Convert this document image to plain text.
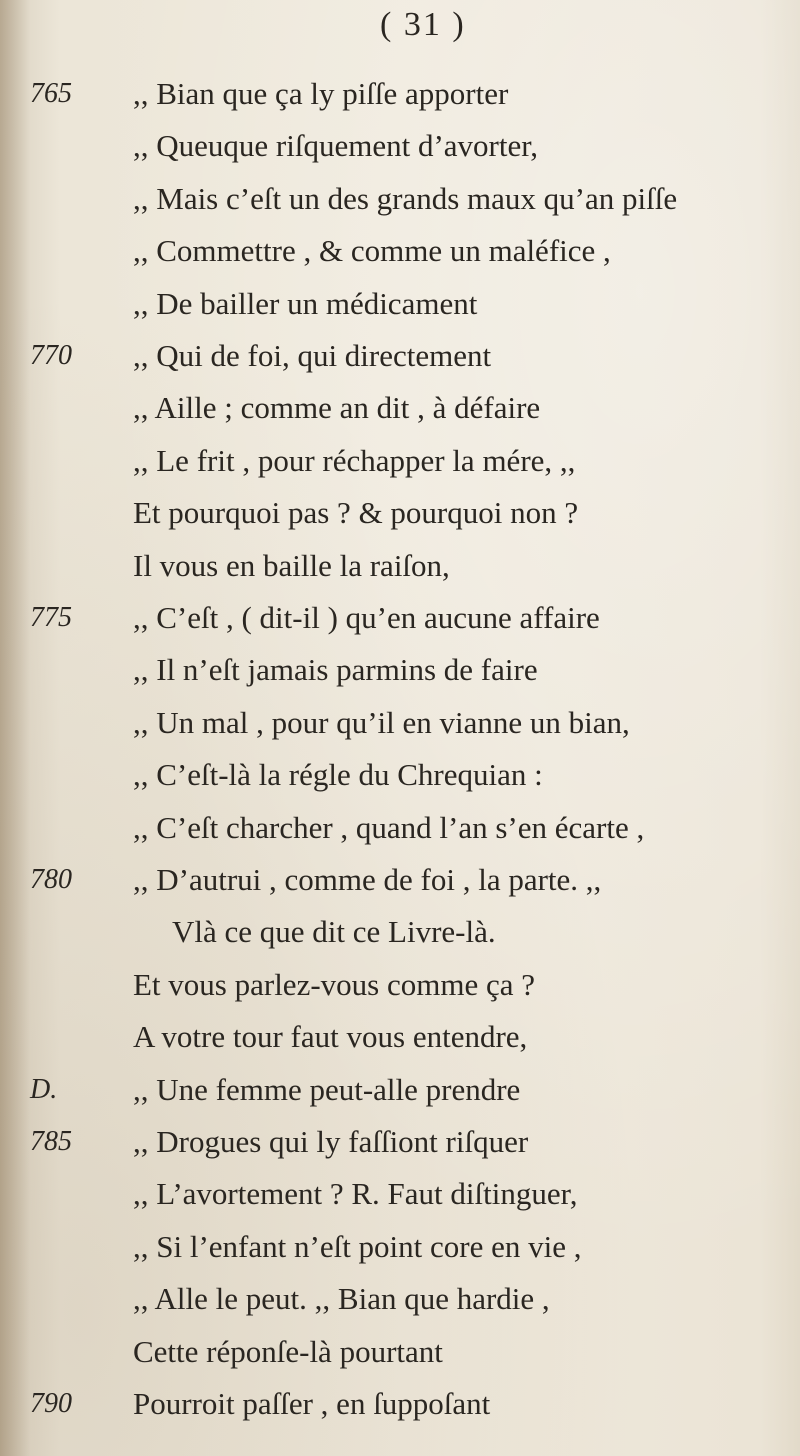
( 31 )
765 ,, Bian que ça ly piſſe apporter
,, Queuque riſquement d’avorter,
,, Mais c’eſt un des grands maux qu’an piſſe
,, Commettre , & comme un maléfice ,
,, De bailler un médicament
770 ,, Qui de foi, qui directement
,, Aille ; comme an dit , à défaire
,, Le frit , pour réchapper la mére, ,,
Et pourquoi pas ? & pourquoi non ?
Il vous en baille la raiſon,
775 ,, C’eſt , ( dit-il ) qu’en aucune affaire
,, Il n’eſt jamais parmins de faire
,, Un mal , pour qu’il en vianne un bian,
,, C’eſt-là la régle du Chrequian :
,, C’eſt charcher , quand l’an s’en écarte ,
780 ,, D’autrui , comme de foi , la parte. ,,
Vlà ce que dit ce Livre-là.
Et vous parlez-vous comme ça ?
A votre tour faut vous entendre,
D. ,, Une femme peut-alle prendre
785 ,, Drogues qui ly faſſiont riſquer
,, L’avortement ? R. Faut diſtinguer,
,, Si l’enfant n’eſt point core en vie ,
,, Alle le peut. ,, Bian que hardie ,
Cette réponſe-là pourtant
790 Pourroit paſſer , en ſuppoſant
